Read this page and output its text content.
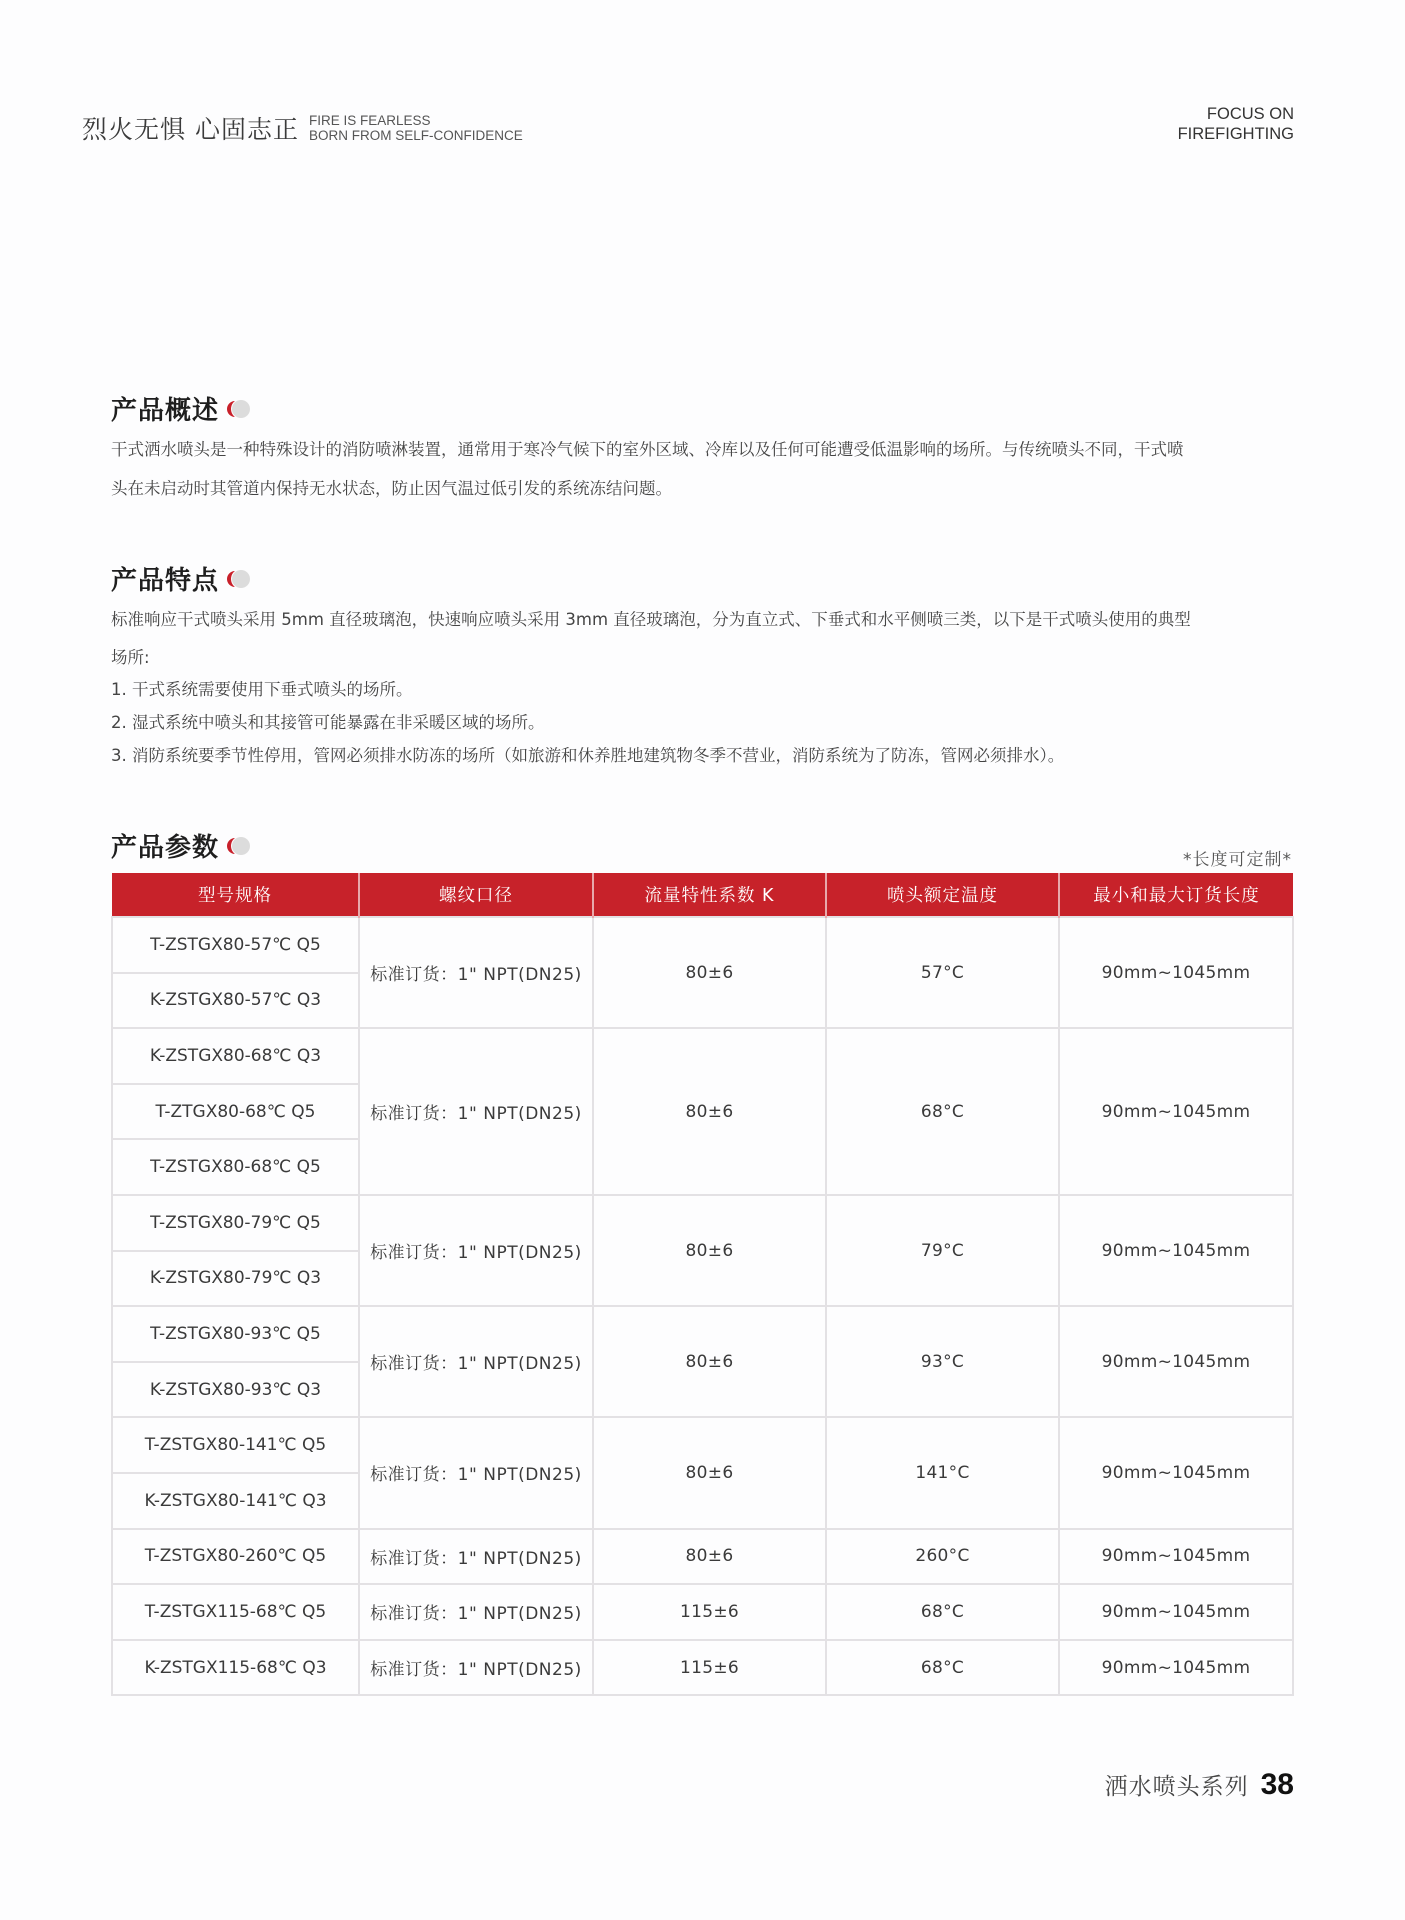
烈火无惧 心固志正 FIRE IS FEARLESS
BORN FROM SELF-CONFIDENCE
FOCUS ON
FIREFIGHTING
产品概述

干式洒水喷头是一种特殊设计的消防喷淋装置，通常用于寒冷气候下的室外区域、冷库以及任何可能遭受低温影响的场所。与传统喷头不同，干式喷

头在未启动时其管道内保持无水状态，防止因气温过低引发的系统冻结问题。

产品特点

标准响应干式喷头采用 5mm 直径玻璃泡，快速响应喷头采用 3mm 直径玻璃泡，分为直立式、下垂式和水平侧喷三类，以下是干式喷头使用的典型

场所:

1. 干式系统需要使用下垂式喷头的场所。

2. 湿式系统中喷头和其接管可能暴露在非采暖区域的场所。

3. 消防系统要季节性停用，管网必须排水防冻的场所（如旅游和休养胜地建筑物冬季不营业，消防系统为了防冻，管网必须排水）。

产品参数	*长度可定制*
型号规格	螺纹口径	流量特性系数 K	喷头额定温度	最小和最大订货长度
T-ZSTGX80-57℃ Q5	标准订货：1" NPT(DN25)	80±6	57°C	90mm~1045mm
K-ZSTGX80-57℃ Q3				
K-ZSTGX80-68℃ Q3	标准订货：1" NPT(DN25)	80±6	68°C	90mm~1045mm
T-ZTGX80-68℃ Q5				
T-ZSTGX80-68℃ Q5				
T-ZSTGX80-79℃ Q5	标准订货：1" NPT(DN25)	80±6	79°C	90mm~1045mm
K-ZSTGX80-79℃ Q3				
T-ZSTGX80-93℃ Q5	标准订货：1" NPT(DN25)	80±6	93°C	90mm~1045mm
K-ZSTGX80-93℃ Q3				
T-ZSTGX80-141℃ Q5	标准订货：1" NPT(DN25)	80±6	141°C	90mm~1045mm
K-ZSTGX80-141℃ Q3				
T-ZSTGX80-260℃ Q5	标准订货：1" NPT(DN25)	80±6	260°C	90mm~1045mm
T-ZSTGX115-68℃ Q5	标准订货：1" NPT(DN25)	115±6	68°C	90mm~1045mm
K-ZSTGX115-68℃ Q3	标准订货：1" NPT(DN25)	115±6	68°C	90mm~1045mm
洒水喷头系列 38
